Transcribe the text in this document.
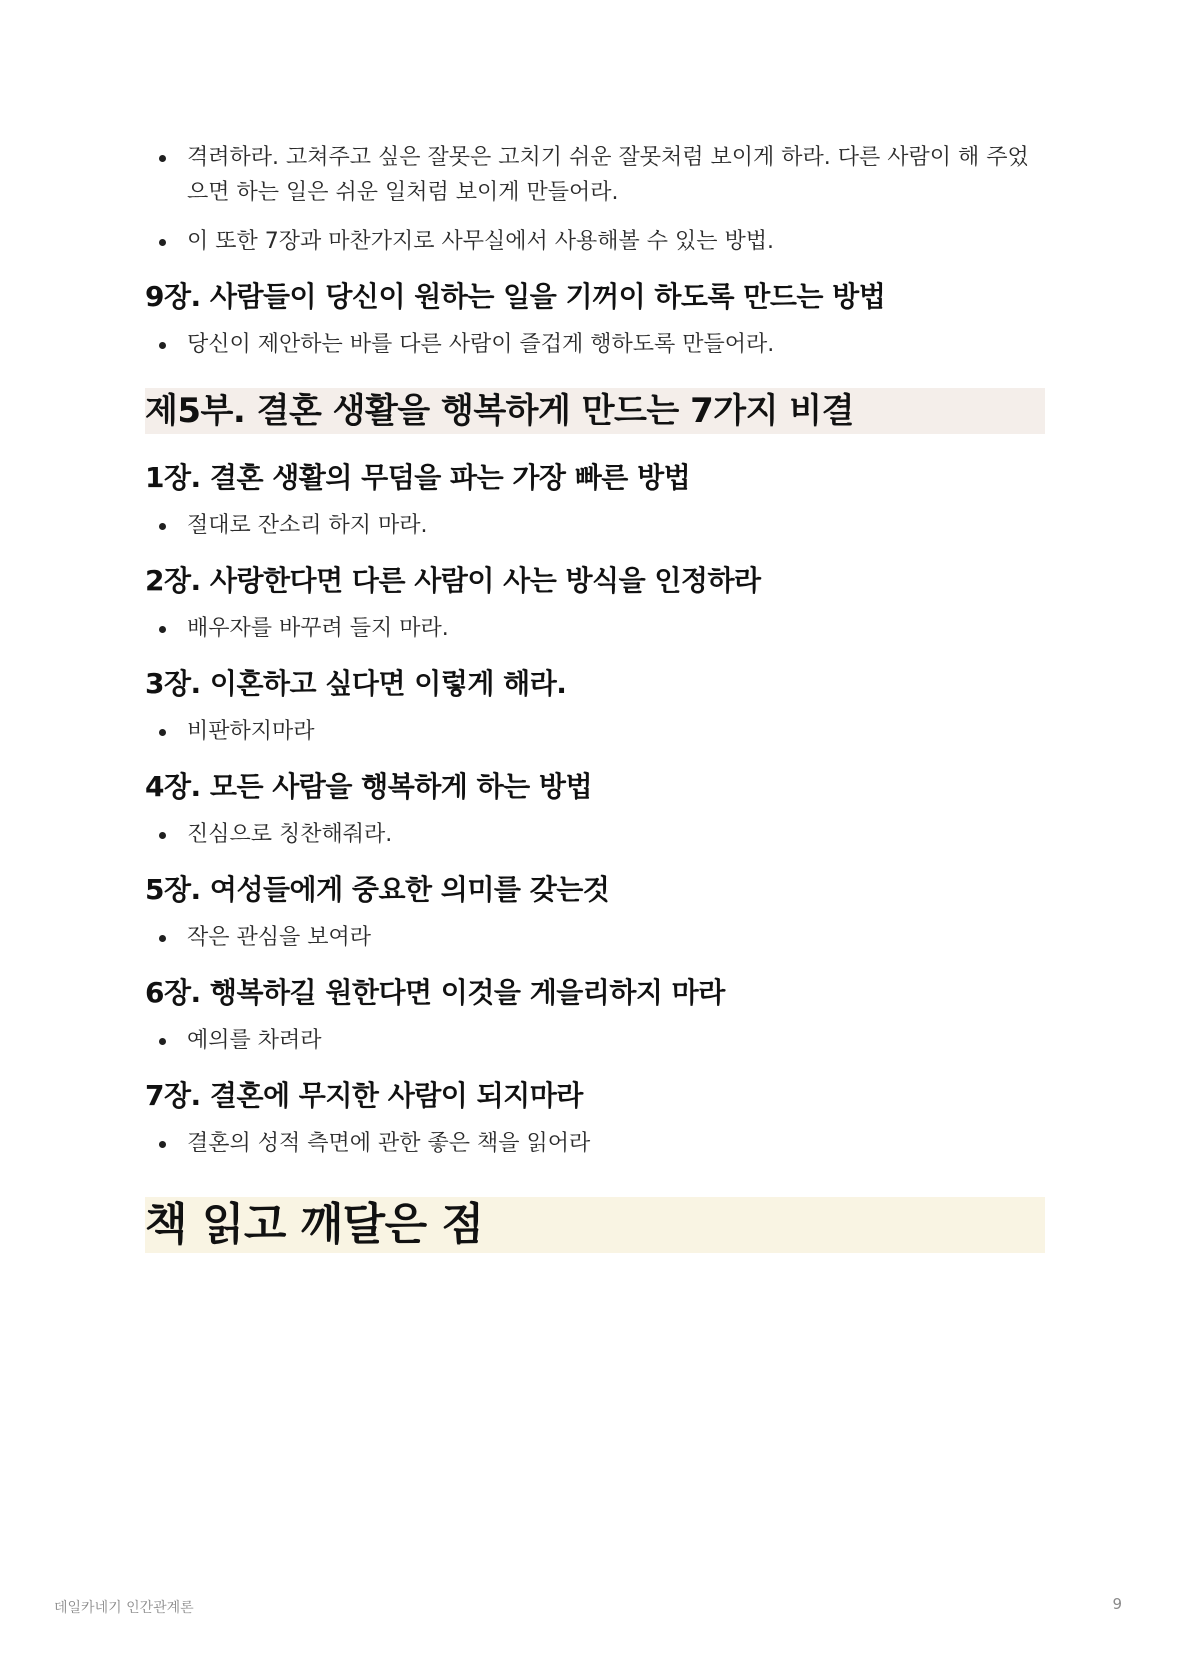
격려하라. 고쳐주고 싶은 잘못은 고치기 쉬운 잘못처럼 보이게 하라. 다른 사람이 해 주었으면 하는 일은 쉬운 일처럼 보이게 만들어라.
이 또한 7장과 마찬가지로 사무실에서 사용해볼 수 있는 방법.
9장. 사람들이 당신이 원하는 일을 기꺼이 하도록 만드는 방법
당신이 제안하는 바를 다른 사람이 즐겁게 행하도록 만들어라.
제5부. 결혼 생활을 행복하게 만드는 7가지 비결
1장. 결혼 생활의 무덤을 파는 가장 빠른 방법
절대로 잔소리 하지 마라.
2장. 사랑한다면 다른 사람이 사는 방식을 인정하라
배우자를 바꾸려 들지 마라.
3장. 이혼하고 싶다면 이렇게 해라.
비판하지마라
4장. 모든 사람을 행복하게 하는 방법
진심으로 칭찬해줘라.
5장. 여성들에게 중요한 의미를 갖는것
작은 관심을 보여라
6장. 행복하길 원한다면 이것을 게을리하지 마라
예의를 차려라
7장. 결혼에 무지한 사람이 되지마라
결혼의 성적 측면에 관한 좋은 책을 읽어라
책 읽고 깨달은 점
데일카네기 인간관계론	9
